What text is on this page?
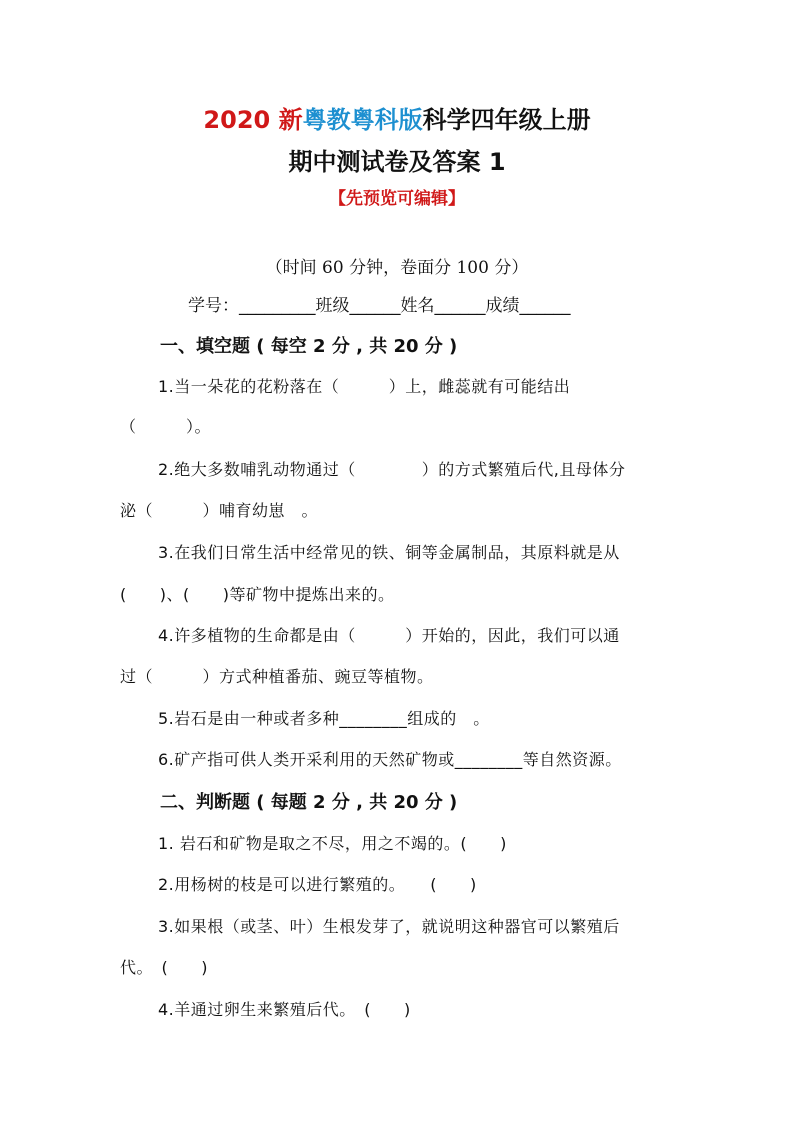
2020 新粤教粤科版科学四年级上册
期中测试卷及答案 1
【先预览可编辑】
（时间 60 分钟，卷面分 100 分）
学号：_________班级______姓名______成绩______
一、填空题 ( 每空 2 分 , 共 20 分 )
1.当一朵花的花粉落在（　　　）上，雌蕊就有可能结出
（　　　）。
2.绝大多数哺乳动物通过（　　　　）的方式繁殖后代,且母体分
泌（　　　）哺育幼崽　。
3.在我们日常生活中经常见的铁、铜等金属制品，其原料就是从
(　　)、(　　)等矿物中提炼出来的。
4.许多植物的生命都是由（　　　）开始的，因此，我们可以通
过（　　　）方式种植番茄、豌豆等植物。
5.岩石是由一种或者多种________组成的　。
6.矿产指可供人类开采利用的天然矿物或________等自然资源。
二、判断题 ( 每题 2 分 , 共 20 分 )
1. 岩石和矿物是取之不尽，用之不竭的。(　　)
2.用杨树的枝是可以进行繁殖的。　　(　　)
3.如果根（或茎、叶）生根发芽了，就说明这种器官可以繁殖后
代。　(　　)
4.羊通过卵生来繁殖后代。　(　　)
